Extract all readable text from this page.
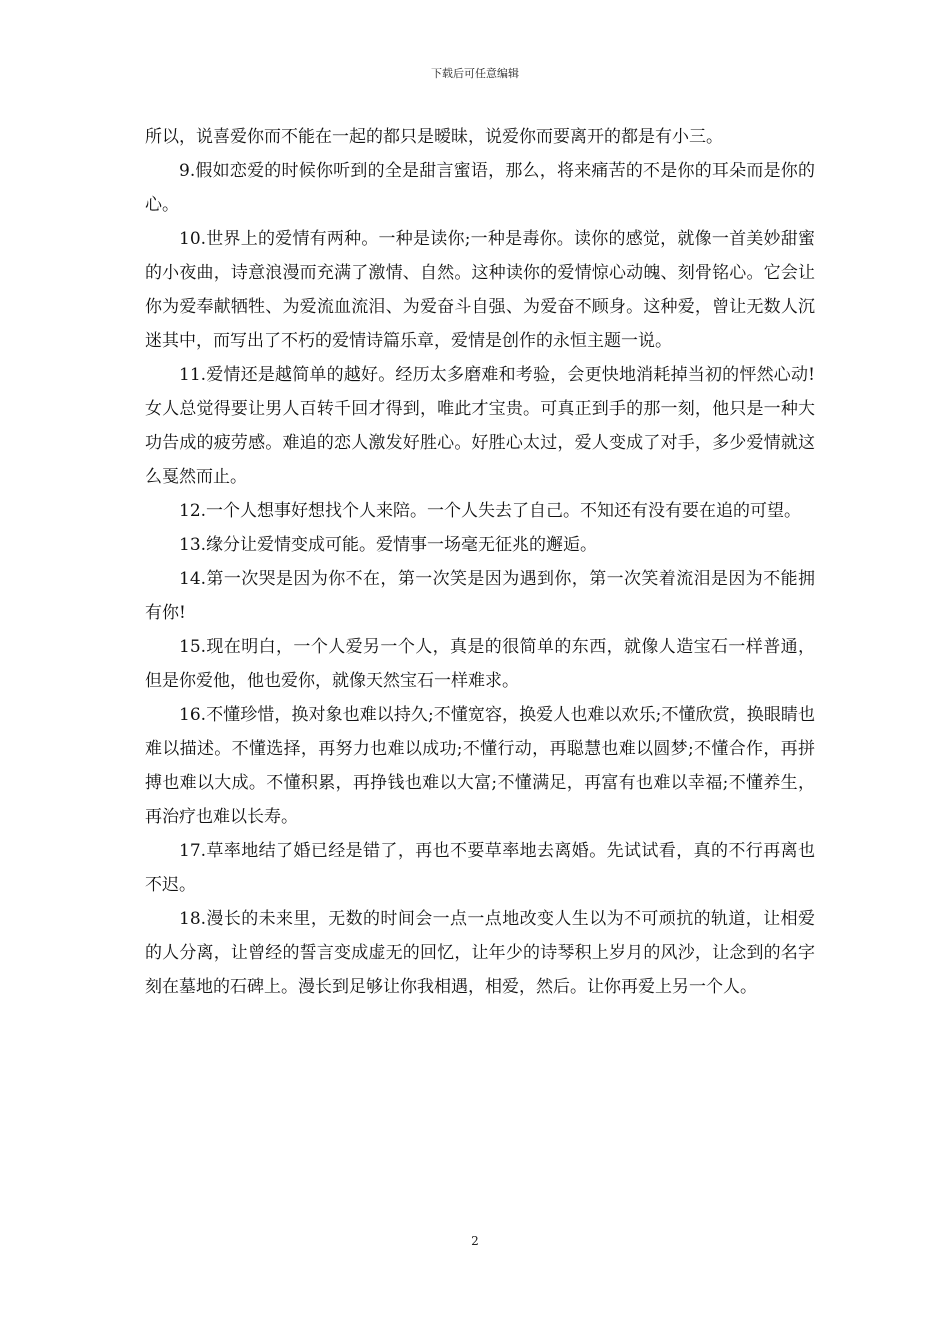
下载后可任意编辑

所以，说喜爱你而不能在一起的都只是暧昧，说爱你而要离开的都是有小三。

9.假如恋爱的时候你听到的全是甜言蜜语，那么，将来痛苦的不是你的耳朵而是你的心。

10.世界上的爱情有两种。一种是读你;一种是毒你。读你的感觉，就像一首美妙甜蜜的小夜曲，诗意浪漫而充满了激情、自然。这种读你的爱情惊心动魄、刻骨铭心。它会让你为爱奉献牺牲、为爱流血流泪、为爱奋斗自强、为爱奋不顾身。这种爱，曾让无数人沉迷其中，而写出了不朽的爱情诗篇乐章，爱情是创作的永恒主题一说。

11.爱情还是越简单的越好。经历太多磨难和考验，会更快地消耗掉当初的怦然心动!女人总觉得要让男人百转千回才得到，唯此才宝贵。可真正到手的那一刻，他只是一种大功告成的疲劳感。难追的恋人激发好胜心。好胜心太过，爱人变成了对手，多少爱情就这么戛然而止。

12.一个人想事好想找个人来陪。一个人失去了自己。不知还有没有要在追的可望。

13.缘分让爱情变成可能。爱情事一场毫无征兆的邂逅。

14.第一次哭是因为你不在，第一次笑是因为遇到你，第一次笑着流泪是因为不能拥有你!

15.现在明白，一个人爱另一个人，真是的很简单的东西，就像人造宝石一样普通，但是你爱他，他也爱你，就像天然宝石一样难求。

16.不懂珍惜，换对象也难以持久;不懂宽容，换爱人也难以欢乐;不懂欣赏，换眼睛也难以描述。不懂选择，再努力也难以成功;不懂行动，再聪慧也难以圆梦;不懂合作，再拼搏也难以大成。不懂积累，再挣钱也难以大富;不懂满足，再富有也难以幸福;不懂养生，再治疗也难以长寿。

17.草率地结了婚已经是错了，再也不要草率地去离婚。先试试看，真的不行再离也不迟。

18.漫长的未来里，无数的时间会一点一点地改变人生以为不可顽抗的轨道，让相爱的人分离，让曾经的誓言变成虚无的回忆，让年少的诗琴积上岁月的风沙，让念到的名字刻在墓地的石碑上。漫长到足够让你我相遇，相爱，然后。让你再爱上另一个人。

2
